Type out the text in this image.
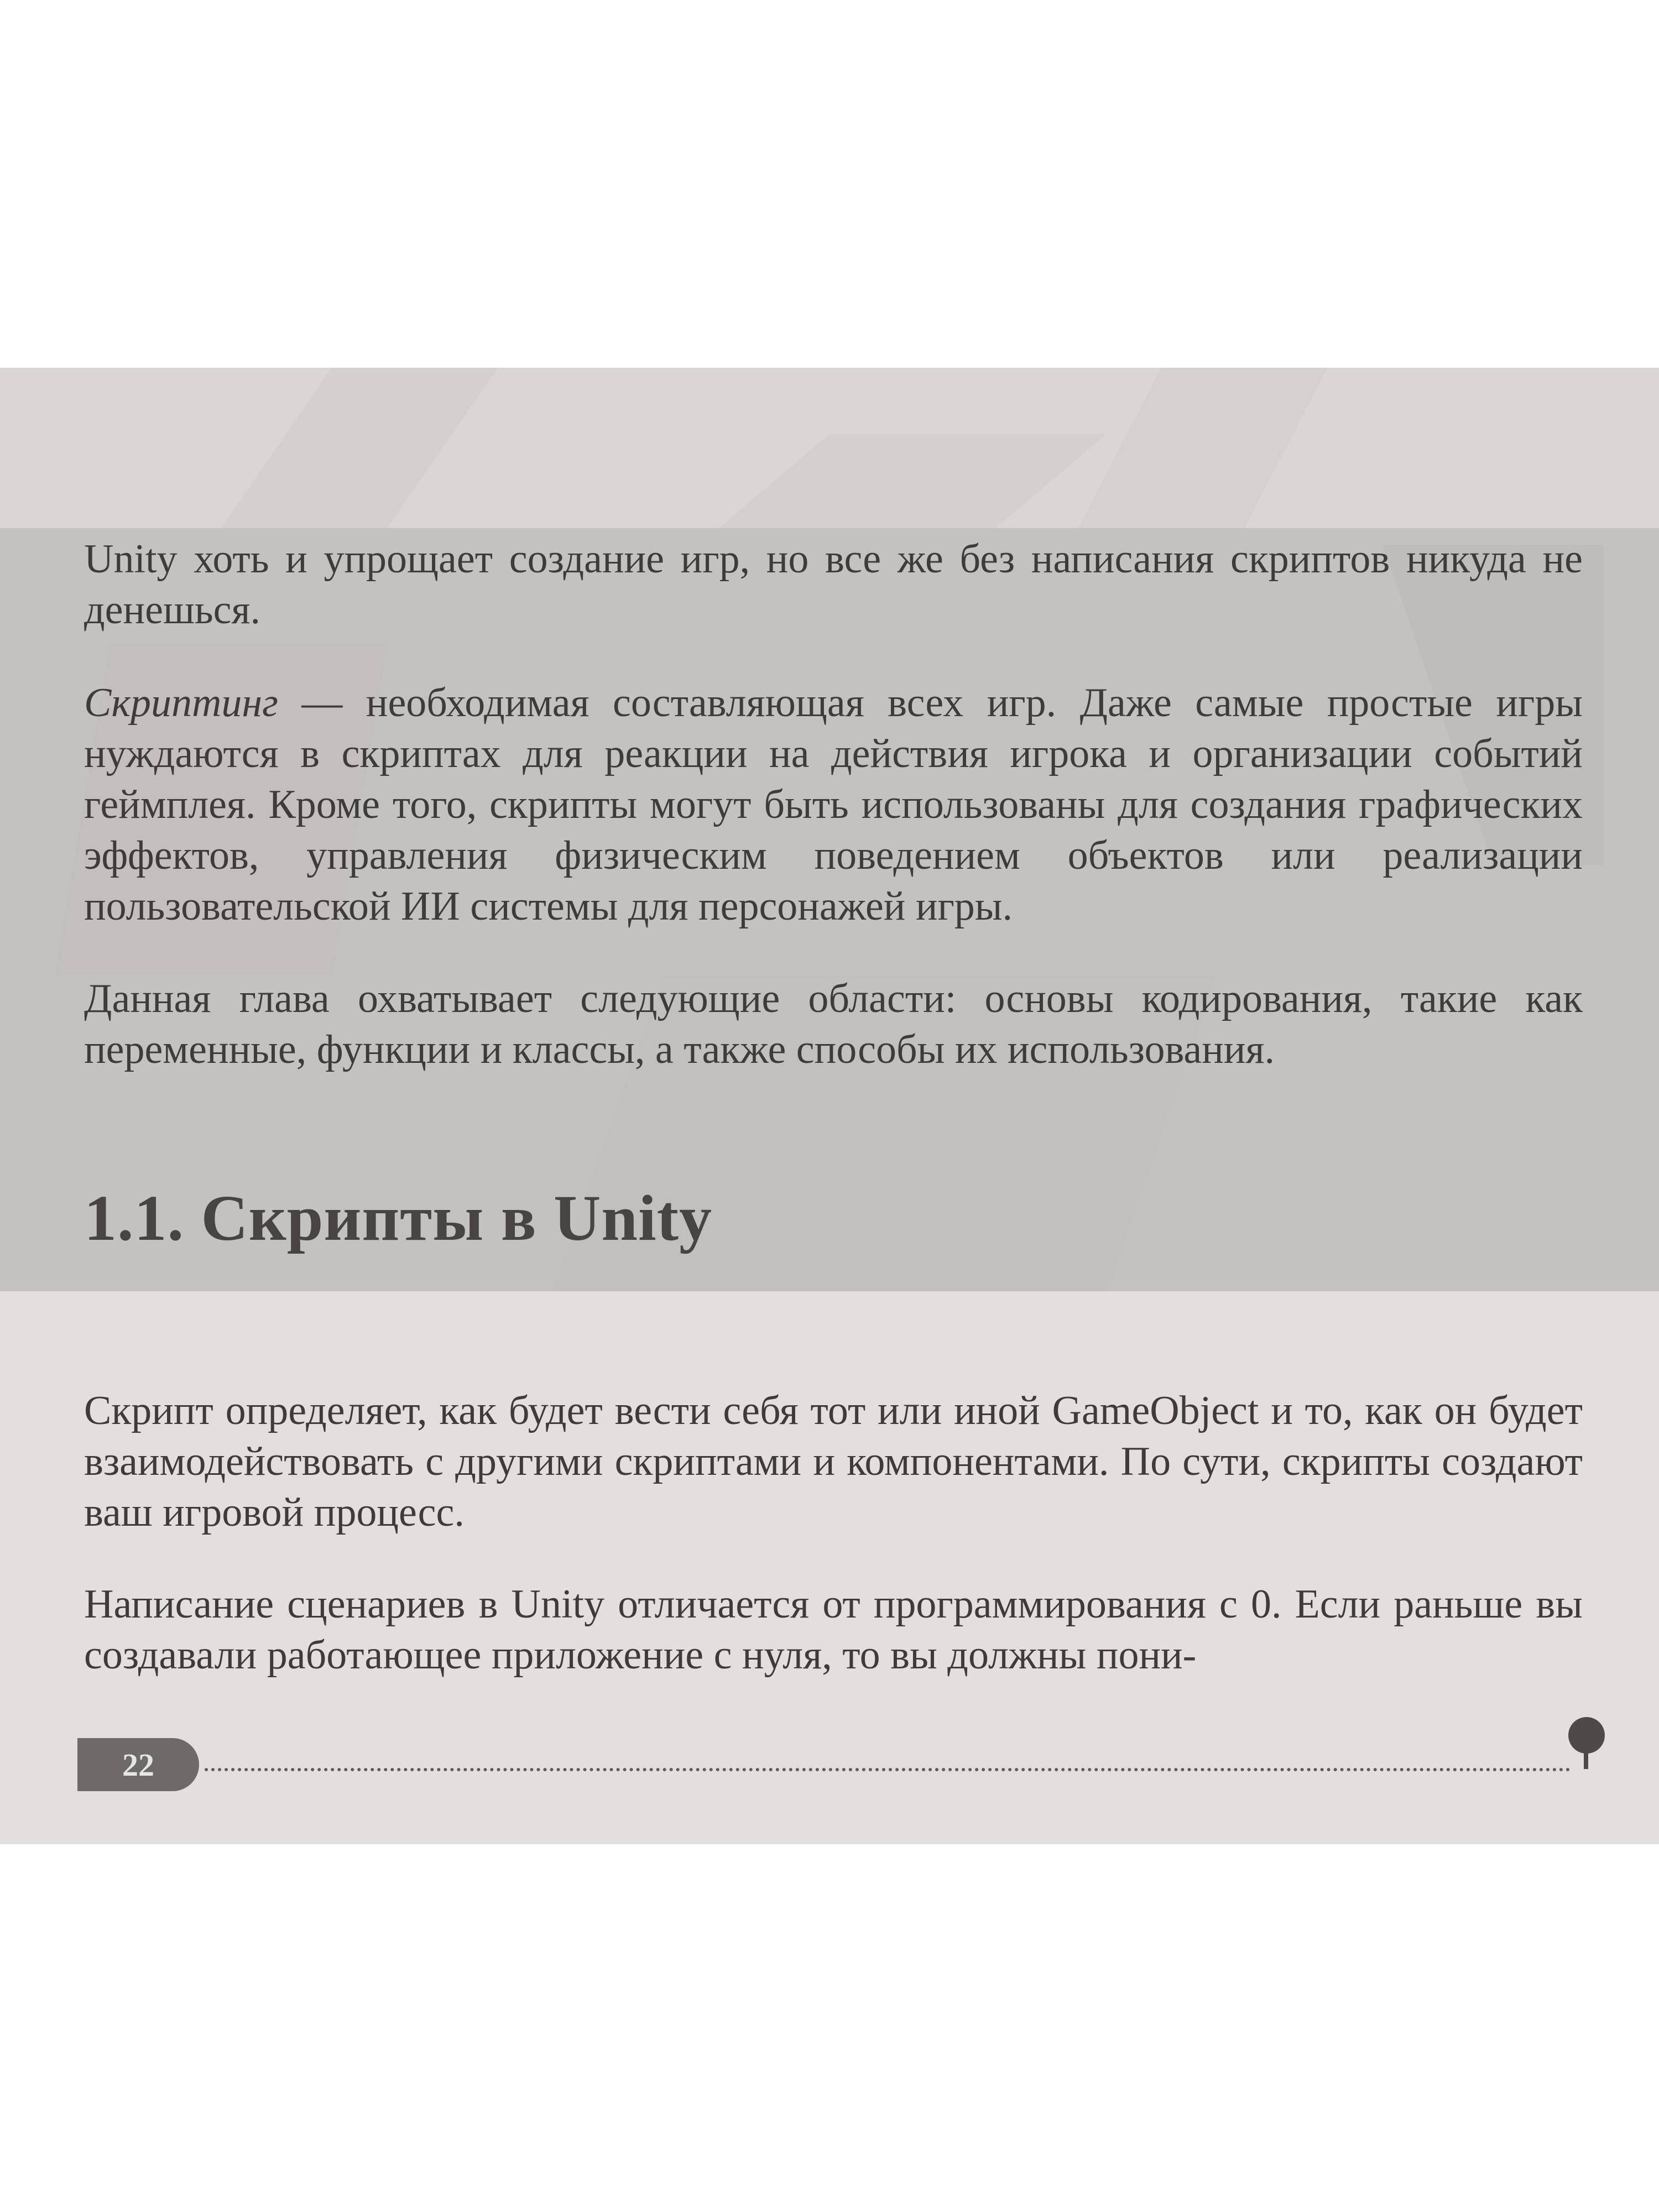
Unity хоть и упрощает создание игр, но все же без написания скриптов никуда не денешься.

Скриптинг — необходимая составляющая всех игр. Даже самые простые игры нуждаются в скриптах для реакции на действия игрока и организации событий геймплея. Кроме того, скрипты могут быть использованы для создания графических эффектов, управления физическим поведением объектов или реализации пользовательской ИИ системы для персонажей игры.

Данная глава охватывает следующие области: основы кодирования, такие как переменные, функции и классы, а также способы их использования.

1.1. Скрипты в Unity

Скрипт определяет, как будет вести себя тот или иной GameObject и то, как он будет взаимодействовать с другими скриптами и компонентами. По сути, скрипты создают ваш игровой процесс.

Написание сценариев в Unity отличается от программирования с 0. Если раньше вы создавали работающее приложение с нуля, то вы должны пони-

22
